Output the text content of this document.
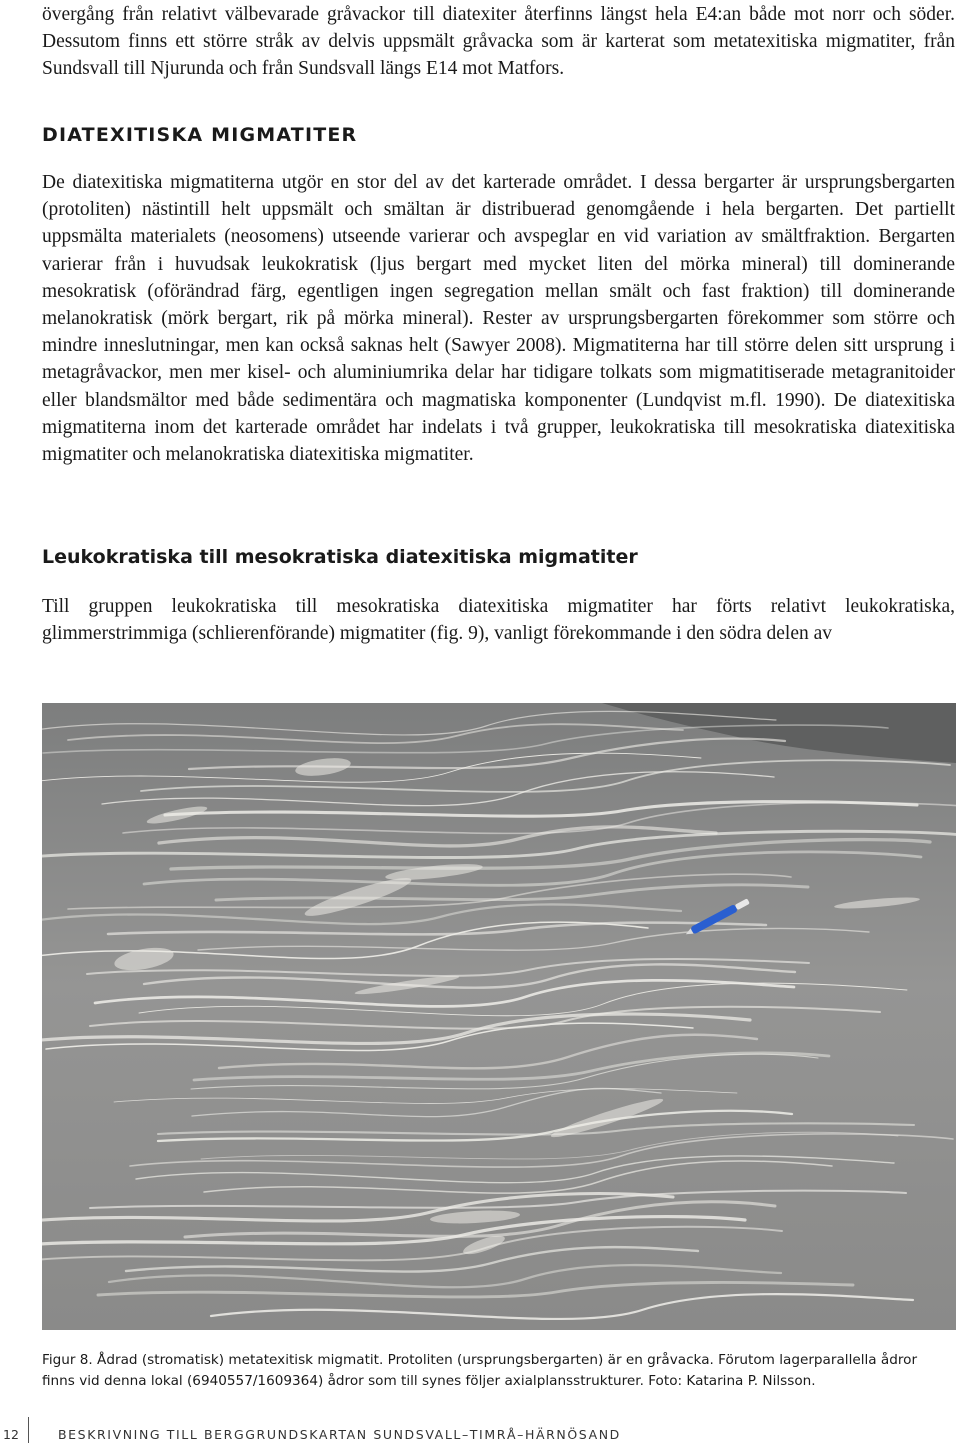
övergång från relativt välbevarade gråvackor till diatexiter återfinns längst hela E4:an både mot norr och söder. Dessutom finns ett större stråk av delvis uppsmält gråvacka som är karterat som metatexitiska migmatiter, från Sundsvall till Njurunda och från Sundsvall längs E14 mot Matfors.

DIATEXITISKA MIGMATITER

De diatexitiska migmatiterna utgör en stor del av det karterade området. I dessa bergarter är ursprungsbergarten (protoliten) nästintill helt uppsmält och smältan är distribuerad genomgående i hela bergarten. Det partiellt uppsmälta materialets (neosomens) utseende varierar och avspeglar en vid variation av smältfraktion. Bergarten varierar från i huvudsak leukokratisk (ljus bergart med mycket liten del mörka mineral) till dominerande mesokratisk (oförändrad färg, egentligen ingen segregation mellan smält och fast fraktion) till dominerande melanokratisk (mörk bergart, rik på mörka mineral). Rester av ursprungsbergarten förekommer som större och mindre inneslutningar, men kan också saknas helt (Sawyer 2008). Migmatiterna har till större delen sitt ursprung i metagråvackor, men mer kisel- och aluminiumrika delar har tidigare tolkats som migmatitiserade metagranitoider eller blandsmältor med både sedimentära och magmatiska komponenter (Lundqvist m.fl. 1990). De diatexitiska migmatiterna inom det karterade området har indelats i två grupper, leukokratiska till mesokratiska diatexitiska migmatiter och melanokratiska diatexitiska migmatiter.

Leukokratiska till mesokratiska diatexitiska migmatiter

Till gruppen leukokratiska till mesokratiska diatexitiska migmatiter har förts relativt leukokratiska, glimmerstrimmiga (schlierenförande) migmatiter (fig. 9), vanligt förekommande i den södra delen av

Figur 8. Ådrad (stromatisk) metatexitisk migmatit. Protoliten (ursprungsbergarten) är en gråvacka. Förutom lagerparallella ådror finns vid denna lokal (6940557/1609364) ådror som till synes följer axialplansstrukturer. Foto: Katarina P. Nilsson.

12	BESKRIVNING TILL BERGGRUNDSKARTAN SUNDSVALL–TIMRÅ–HÄRNÖSAND
